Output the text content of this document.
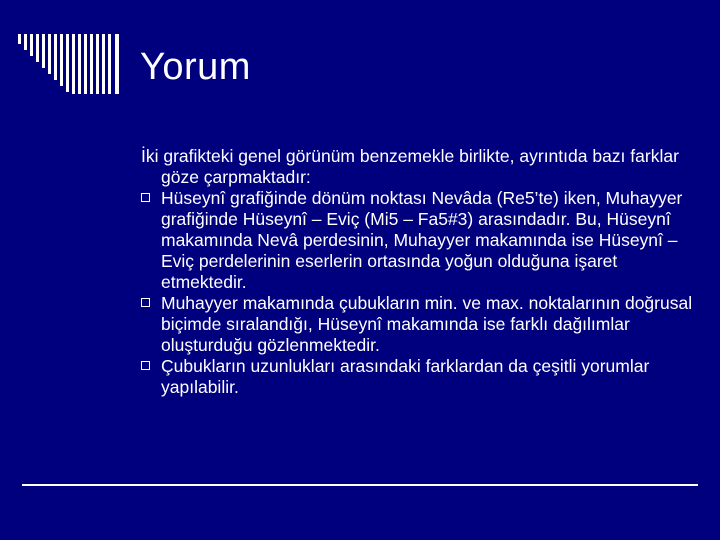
Yorum

İki grafikteki genel görünüm benzemekle birlikte, ayrıntıda bazı farklar göze çarpmaktadır:

Hüseynî grafiğinde dönüm noktası Nevâda (Re5’te) iken, Muhayyer grafiğinde Hüseynî – Eviç (Mi5 – Fa5#3) arasındadır. Bu, Hüseynî makamında Nevâ perdesinin, Muhayyer makamında ise Hüseynî – Eviç perdelerinin eserlerin ortasında yoğun olduğuna işaret etmektedir.
Muhayyer makamında çubukların min. ve max. noktalarının doğrusal biçimde sıralandığı, Hüseynî makamında ise farklı dağılımlar oluşturduğu gözlenmektedir.
Çubukların uzunlukları arasındaki farklardan da çeşitli yorumlar yapılabilir.
